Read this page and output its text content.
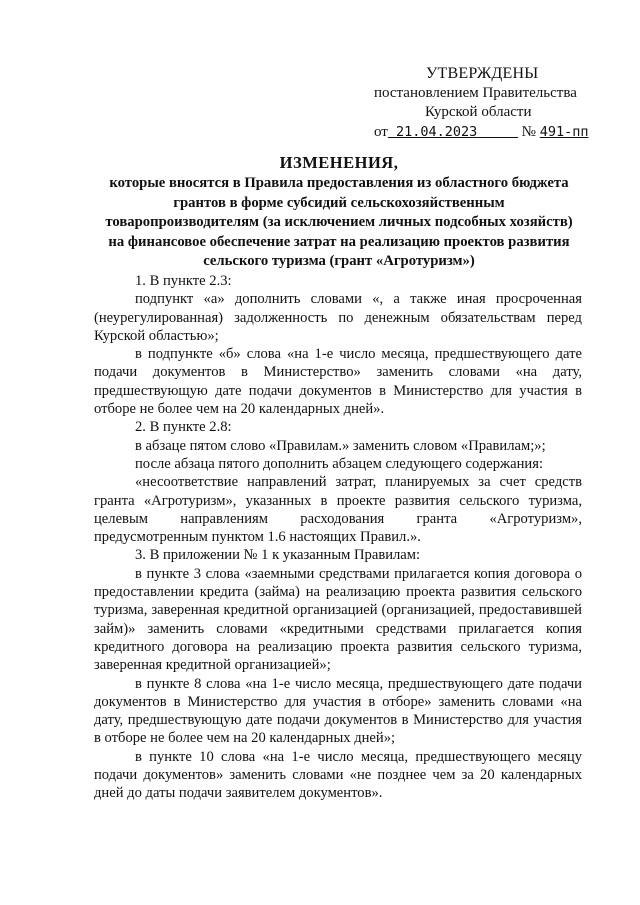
УТВЕРЖДЕНЫ
постановлением Правительства
Курской области
от 21.04.2023	№ 491-пп
ИЗМЕНЕНИЯ,
которые вносятся в Правила предоставления из областного бюджета
грантов в форме субсидий сельскохозяйственным
товаропроизводителям (за исключением личных подсобных хозяйств)
на финансовое обеспечение затрат на реализацию проектов развития
сельского туризма (грант «Агротуризм»)

1. В пункте 2.3:

подпункт «а» дополнить словами «, а также иная просроченная (неурегулированная) задолженность по денежным обязательствам перед Курской областью»;

в подпункте «б» слова «на 1-е число месяца, предшествующего дате подачи документов в Министерство» заменить словами «на дату, предшествующую дате подачи документов в Министерство для участия в отборе не более чем на 20 календарных дней».

2. В пункте 2.8:

в абзаце пятом слово «Правилам.» заменить словом «Правилам;»;

после абзаца пятого дополнить абзацем следующего содержания:

«несоответствие направлений затрат, планируемых за счет средств гранта «Агротуризм», указанных в проекте развития сельского туризма, целевым направлениям расходования гранта «Агротуризм», предусмотренным пунктом 1.6 настоящих Правил.».

3. В приложении № 1 к указанным Правилам:

в пункте 3 слова «заемными средствами прилагается копия договора о предоставлении кредита (займа) на реализацию проекта развития сельского туризма, заверенная кредитной организацией (организацией, предоставившей займ)» заменить словами «кредитными средствами прилагается копия кредитного договора на реализацию проекта развития сельского туризма, заверенная кредитной организацией»;

в пункте 8 слова «на 1-е число месяца, предшествующего дате подачи документов в Министерство для участия в отборе» заменить словами «на дату, предшествующую дате подачи документов в Министерство для участия в отборе не более чем на 20 календарных дней»;

в пункте 10 слова «на 1-е число месяца, предшествующего месяцу подачи документов» заменить словами «не позднее чем за 20 календарных дней до даты подачи заявителем документов».
